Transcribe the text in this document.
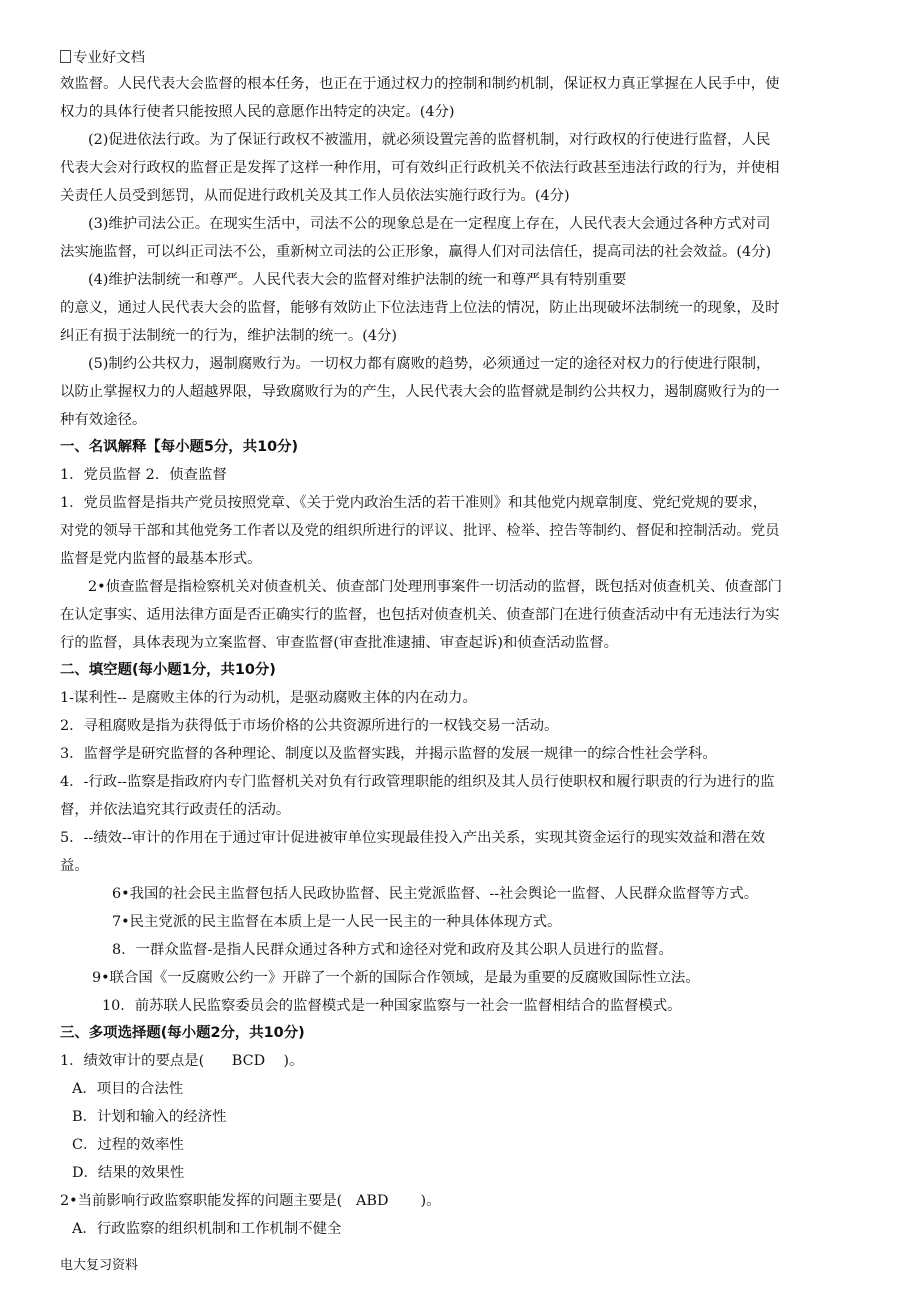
专业好文档
效监督。人民代表大会监督的根本任务，也正在于通过权力的控制和制约机制，保证权力真正掌握在人民手中，使
权力的具体行使者只能按照人民的意愿作出特定的决定。(4分)
(2)促进依法行政。为了保证行政权不被滥用，就必须设置完善的监督机制，对行政权的行使进行监督，人民
代表大会对行政权的监督正是发挥了这样一种作用，可有效纠正行政机关不依法行政甚至违法行政的行为，并使相
关责任人员受到惩罚，从而促进行政机关及其工作人员依法实施行政行为。(4分)
(3)维护司法公正。在现实生活中，司法不公的现象总是在一定程度上存在，人民代表大会通过各种方式对司
法实施监督，可以纠正司法不公，重新树立司法的公正形象，赢得人们对司法信任，提高司法的社会效益。(4分)
(4)维护法制统一和尊严。人民代表大会的监督对维护法制的统一和尊严具有特别重要
的意义，通过人民代表大会的监督，能够有效防止下位法违背上位法的情况，防止出现破坏法制统一的现象，及时
纠正有损于法制统一的行为，维护法制的统一。(4分)
(5)制约公共权力，遏制腐败行为。一切权力都有腐败的趋势，必须通过一定的途径对权力的行使进行限制，
以防止掌握权力的人超越界限，导致腐败行为的产生，人民代表大会的监督就是制约公共权力，遏制腐败行为的一
种有效途径。
一、名讽解释【每小题5分，共10分)
1．党员监督 2．侦查监督
1．党员监督是指共产党员按照党章、《关于党内政治生活的若干准则》和其他党内规章制度、党纪党规的要求，
对党的领导干部和其他党务工作者以及党的组织所进行的评议、批评、检举、控告等制约、督促和控制活动。党员
监督是党内监督的最基本形式。
2•侦查监督是指检察机关对侦查机关、侦查部门处理刑事案件一切活动的监督，既包括对侦查机关、侦查部门
在认定事实、适用法律方面是否正确实行的监督，也包括对侦查机关、侦查部门在进行侦查活动中有无违法行为实
行的监督，具体表现为立案监督、审查监督(审查批准逮捕、审查起诉)和侦查活动监督。
二、填空题(每小题1分，共10分)
1-谋利性-- 是腐败主体的行为动机，是驱动腐败主体的内在动力。
2．寻租腐败是指为获得低于市场价格的公共资源所进行的一权钱交易一活动。
3．监督学是研究监督的各种理论、制度以及监督实践，并揭示监督的发展一规律一的综合性社会学科。
4．-行政--监察是指政府内专门监督机关对负有行政管理职能的组织及其人员行使职权和履行职责的行为进行的监
督，并依法追究其行政责任的活动。
5．--绩效--审计的作用在于通过审计促进被审单位实现最佳投入产出关系，实现其资金运行的现实效益和潜在效
益。
6•我国的社会民主监督包括人民政协监督、民主党派监督、--社会舆论一监督、人民群众监督等方式。
7•民主党派的民主监督在本质上是一人民一民主的一种具体体现方式。
8．一群众监督-是指人民群众通过各种方式和途径对党和政府及其公职人员进行的监督。
9•联合国《一反腐败公约一》开辟了一个新的国际合作领域，是最为重要的反腐败国际性立法。
10．前苏联人民监察委员会的监督模式是一种国家监察与一社会一监督相结合的监督模式。
三、多项选择题(每小题2分，共10分)
1．绩效审计的要点是(      BCD    )。
A．项目的合法性
B．计划和输入的经济性
C．过程的效率性
D．结果的效果性
2•当前影响行政监察职能发挥的问题主要是(   ABD       )。
A．行政监察的组织机制和工作机制不健全
电大复习资料
